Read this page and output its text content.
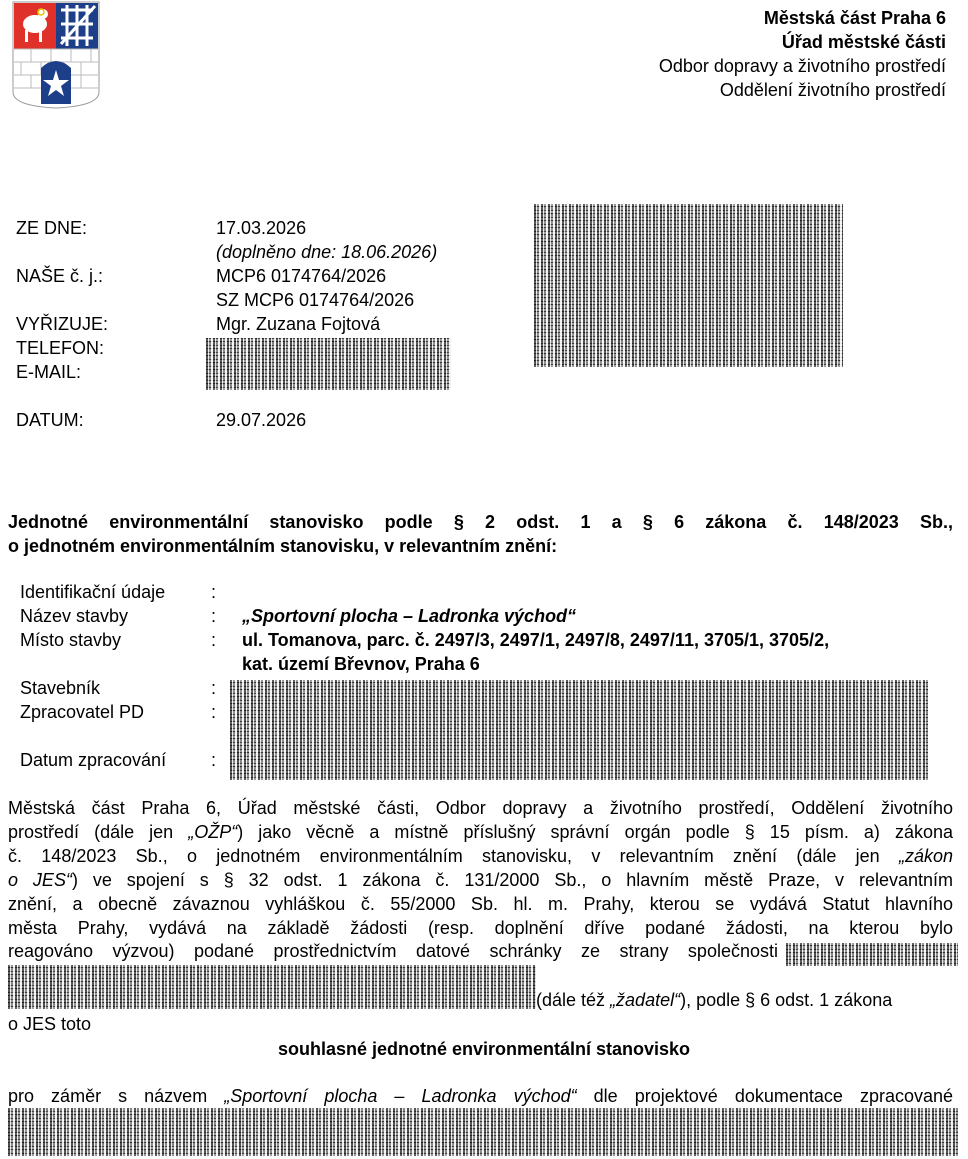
Městská část Praha 6
Úřad městské části
Odbor dopravy a životního prostředí
Oddělení životního prostředí
ZE DNE:	17.03.2026
(doplněno dne: 18.06.2026)
NAŠE č. j.:	MCP6 0174764/2026
SZ MCP6 0174764/2026
VYŘIZUJE:	Mgr. Zuzana Fojtová
TELEFON:
E-MAIL:
DATUM:	29.07.2026
Jednotné environmentální stanovisko podle § 2 odst. 1 a § 6 zákona č. 148/2023 Sb.,
o jednotném environmentálním stanovisku, v relevantním znění:
Identifikační údaje	:
Název stavby	: „Sportovní plocha – Ladronka východ“
Místo stavby	: ul. Tomanova, parc. č. 2497/3, 2497/1, 2497/8, 2497/11, 3705/1, 3705/2,
kat. území Břevnov, Praha 6
Stavebník	:
Zpracovatel PD	:
Datum zpracování :
Městská část Praha 6, Úřad městské části, Odbor dopravy a životního prostředí, Oddělení životního
prostředí (dále jen „OŽP“) jako věcně a místně příslušný správní orgán podle § 15 písm. a) zákona
č. 148/2023 Sb., o jednotném environmentálním stanovisku, v relevantním znění (dále jen „zákon
o JES“) ve spojení s § 32 odst. 1 zákona č. 131/2000 Sb., o hlavním městě Praze, v relevantním
znění, a obecně závaznou vyhláškou č. 55/2000 Sb. hl. m. Prahy, kterou se vydává Statut hlavního
města Prahy, vydává na základě žádosti (resp. doplnění dříve podané žádosti, na kterou bylo
reagováno výzvou) podané prostřednictvím datové schránky ze strany společnosti
(dále též „žadatel“), podle § 6 odst. 1 zákona
o JES toto
souhlasné jednotné environmentální stanovisko
pro záměr s názvem „Sportovní plocha – Ladronka východ“ dle projektové dokumentace zpracované
